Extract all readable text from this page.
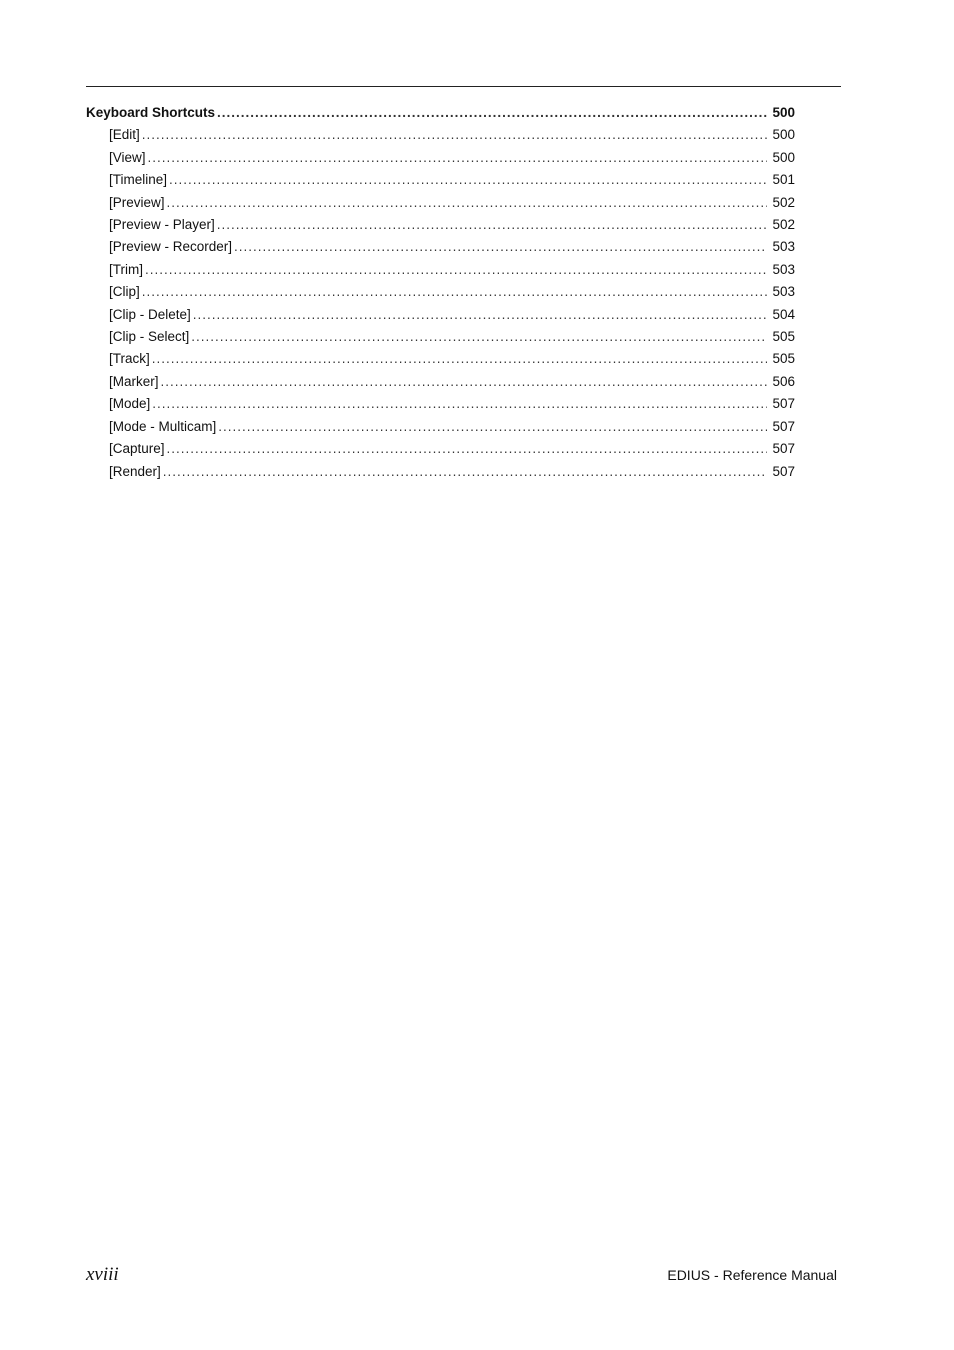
Keyboard Shortcuts .....	500
[Edit] .....	500
[View] .....	500
[Timeline] .....	501
[Preview] .....	502
[Preview - Player] .....	502
[Preview - Recorder] .....	503
[Trim] .....	503
[Clip] .....	503
[Clip - Delete] .....	504
[Clip - Select] .....	505
[Track] .....	505
[Marker] .....	506
[Mode] .....	507
[Mode - Multicam] .....	507
[Capture] .....	507
[Render] .....	507
xviii	EDIUS - Reference Manual
